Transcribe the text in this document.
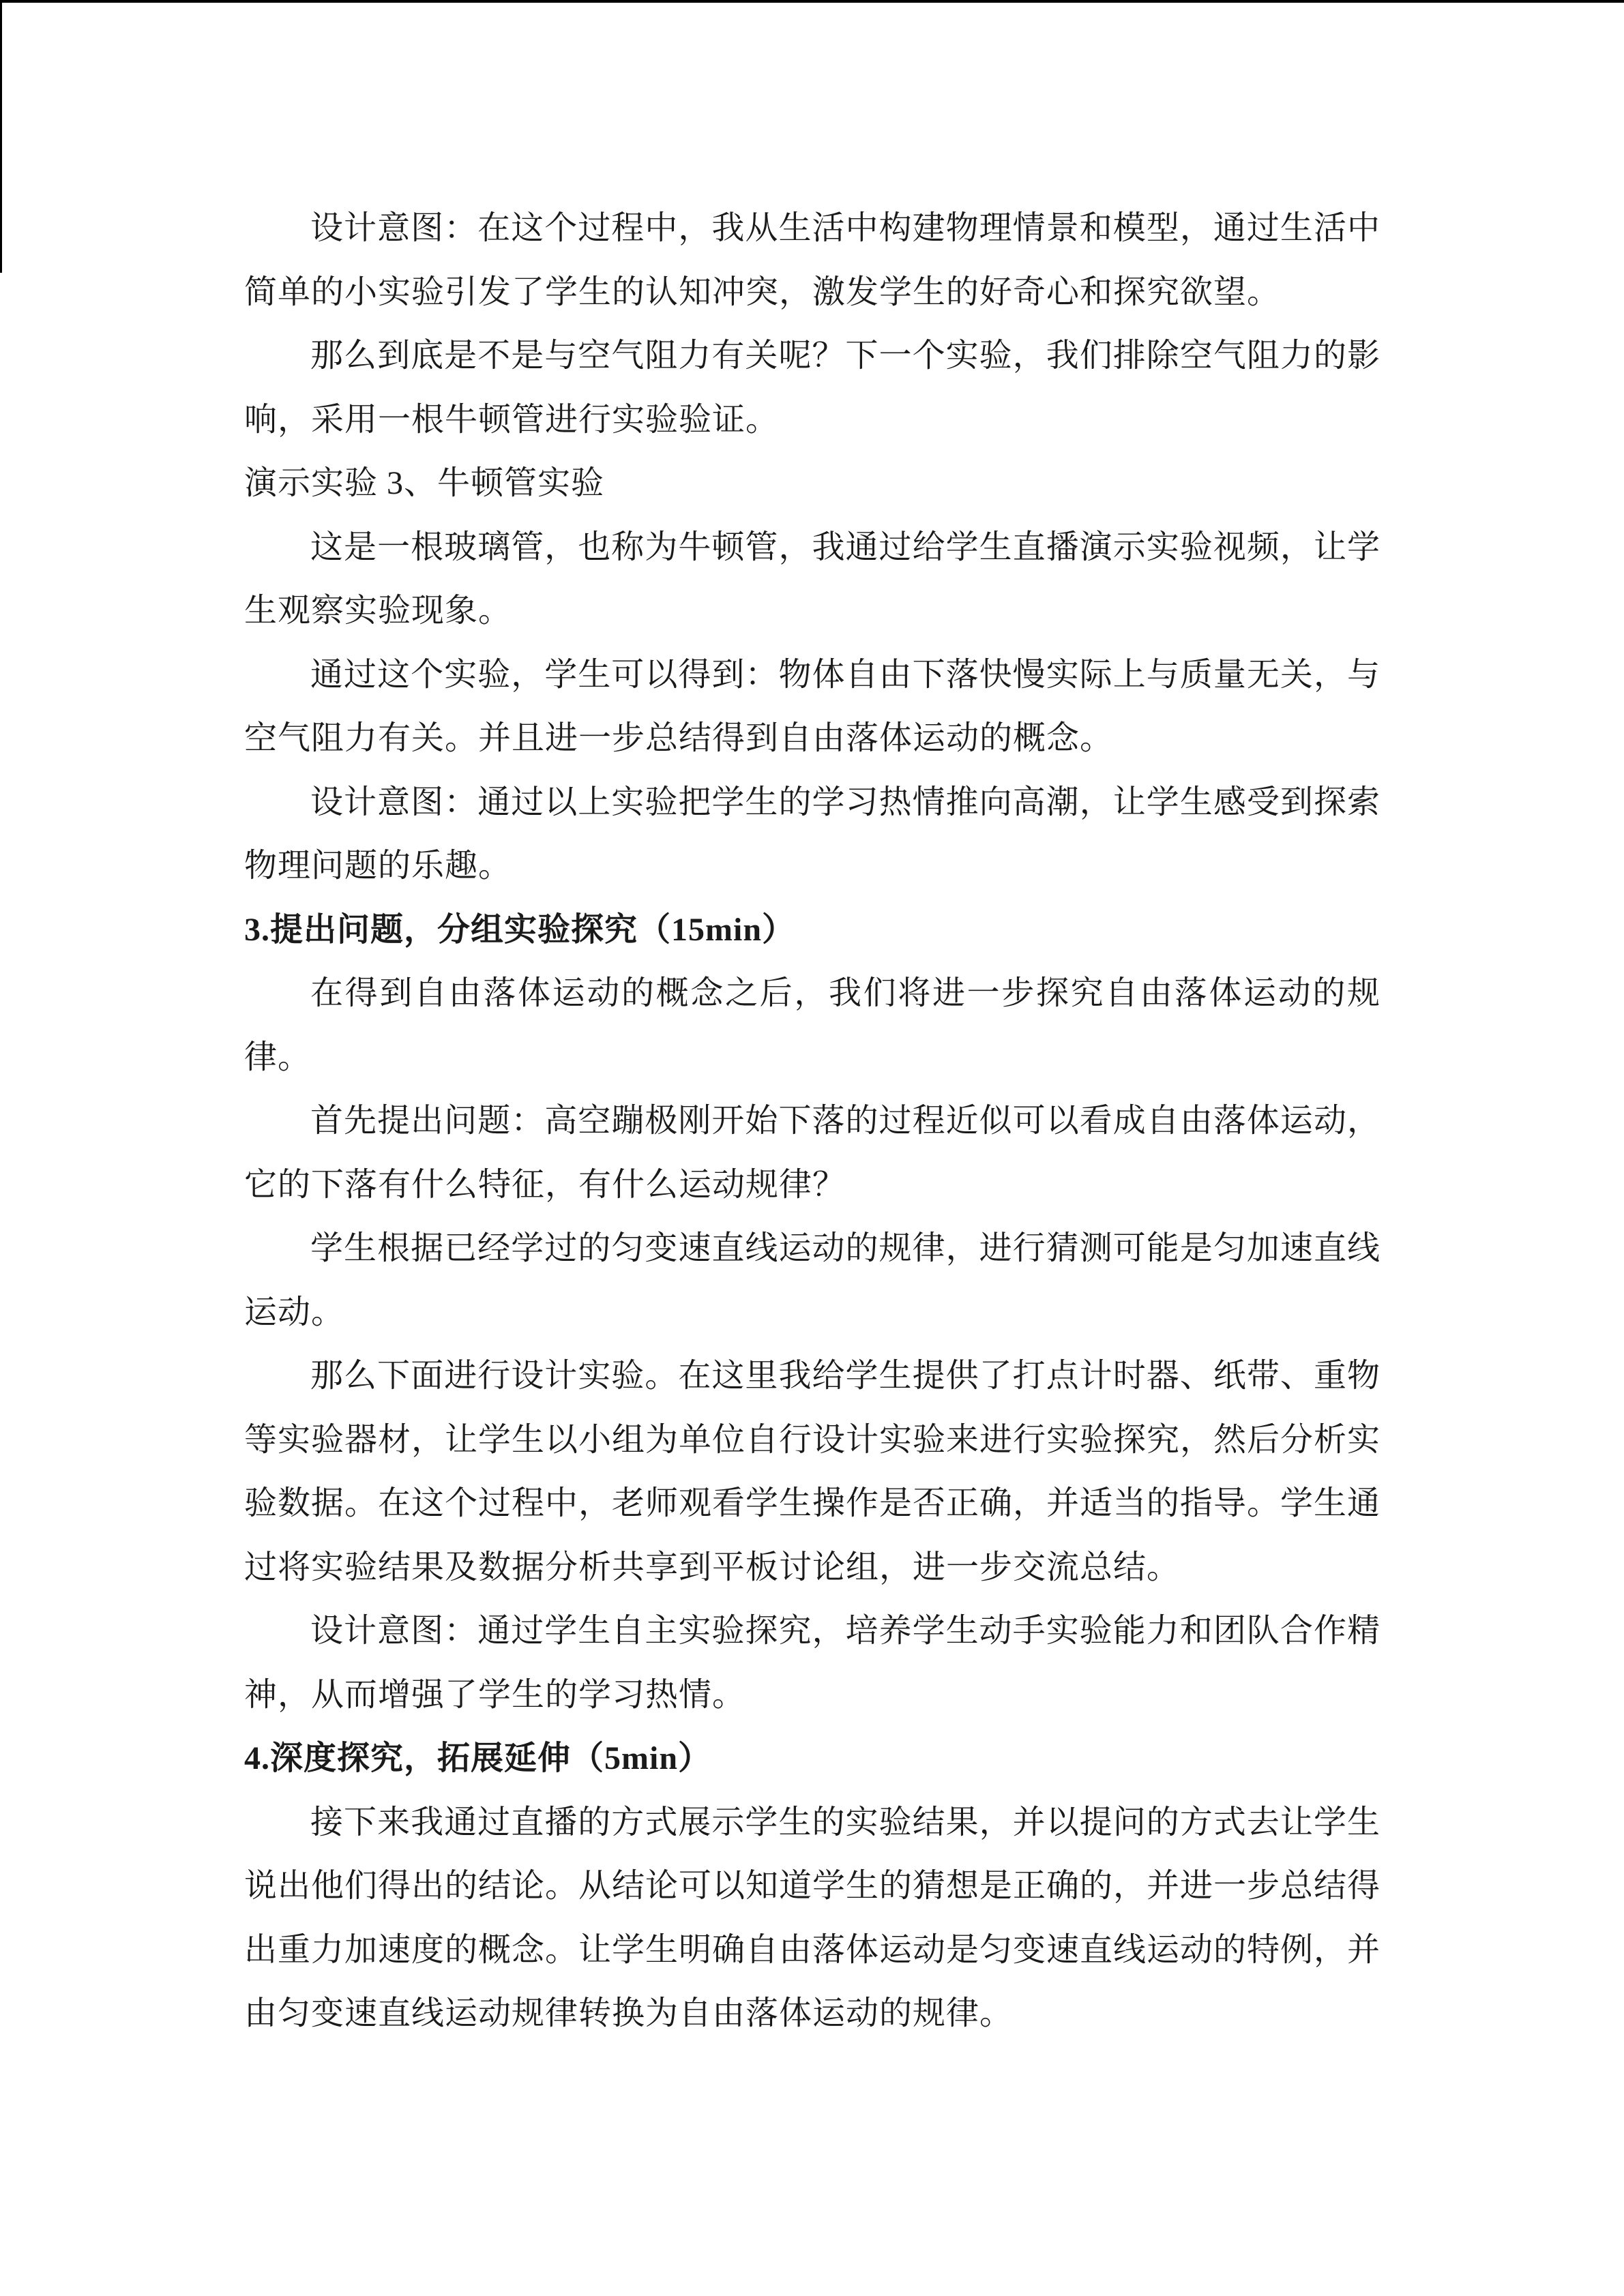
设计意图：在这个过程中，我从生活中构建物理情景和模型，通过生活中简单的小实验引发了学生的认知冲突，激发学生的好奇心和探究欲望。

那么到底是不是与空气阻力有关呢？下一个实验，我们排除空气阻力的影响，采用一根牛顿管进行实验验证。

演示实验 3、牛顿管实验

这是一根玻璃管，也称为牛顿管，我通过给学生直播演示实验视频，让学生观察实验现象。

通过这个实验，学生可以得到：物体自由下落快慢实际上与质量无关，与空气阻力有关。并且进一步总结得到自由落体运动的概念。

设计意图：通过以上实验把学生的学习热情推向高潮，让学生感受到探索物理问题的乐趣。

3.提出问题，分组实验探究（15min）

在得到自由落体运动的概念之后，我们将进一步探究自由落体运动的规律。

首先提出问题：高空蹦极刚开始下落的过程近似可以看成自由落体运动，它的下落有什么特征，有什么运动规律？

学生根据已经学过的匀变速直线运动的规律，进行猜测可能是匀加速直线运动。

那么下面进行设计实验。在这里我给学生提供了打点计时器、纸带、重物等实验器材，让学生以小组为单位自行设计实验来进行实验探究，然后分析实验数据。在这个过程中，老师观看学生操作是否正确，并适当的指导。学生通过将实验结果及数据分析共享到平板讨论组，进一步交流总结。

设计意图：通过学生自主实验探究，培养学生动手实验能力和团队合作精神，从而增强了学生的学习热情。

4.深度探究，拓展延伸（5min）

接下来我通过直播的方式展示学生的实验结果，并以提问的方式去让学生说出他们得出的结论。从结论可以知道学生的猜想是正确的，并进一步总结得出重力加速度的概念。让学生明确自由落体运动是匀变速直线运动的特例，并由匀变速直线运动规律转换为自由落体运动的规律。
